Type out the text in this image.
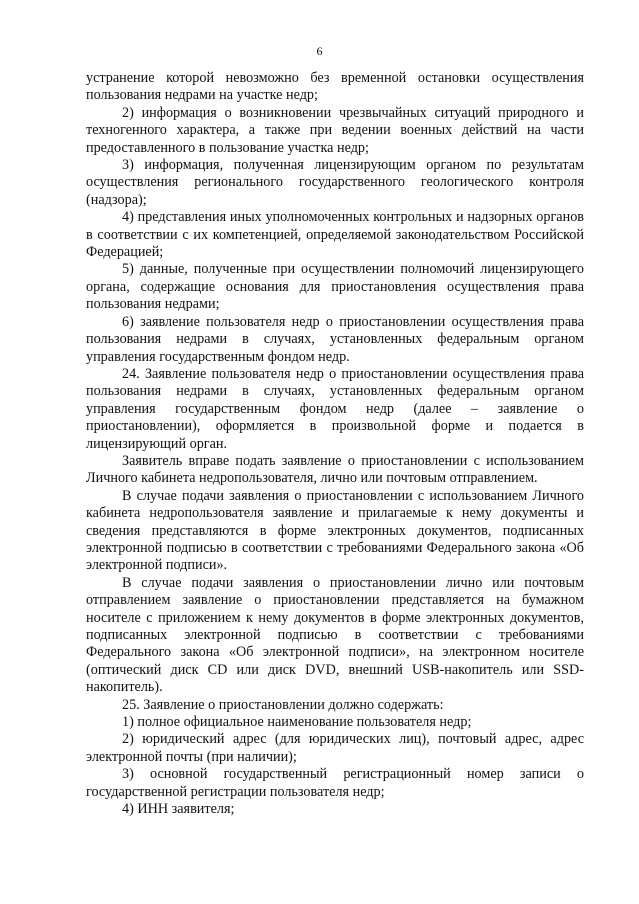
6

устранение которой невозможно без временной остановки осуществления пользования недрами на участке недр;

2) информация о возникновении чрезвычайных ситуаций природного и техногенного характера, а также при ведении военных действий на части предоставленного в пользование участка недр;

3) информация, полученная лицензирующим органом по результатам осуществления регионального государственного геологического контроля (надзора);

4) представления иных уполномоченных контрольных и надзорных органов в соответствии с их компетенцией, определяемой законодательством Российской Федерацией;

5) данные, полученные при осуществлении полномочий лицензирующего органа, содержащие основания для приостановления осуществления права пользования недрами;

6) заявление пользователя недр о приостановлении осуществления права пользования недрами в случаях, установленных федеральным органом управления государственным фондом недр.

24. Заявление пользователя недр о приостановлении осуществления права пользования недрами в случаях, установленных федеральным органом управления государственным фондом недр (далее – заявление о приостановлении), оформляется в произвольной форме и подается в лицензирующий орган.

Заявитель вправе подать заявление о приостановлении с использованием Личного кабинета недропользователя, лично или почтовым отправлением.

В случае подачи заявления о приостановлении с использованием Личного кабинета недропользователя заявление и прилагаемые к нему документы и сведения представляются в форме электронных документов, подписанных электронной подписью в соответствии с требованиями Федерального закона «Об электронной подписи».

В случае подачи заявления о приостановлении лично или почтовым отправлением заявление о приостановлении представляется на бумажном носителе с приложением к нему документов в форме электронных документов, подписанных электронной подписью в соответствии с требованиями Федерального закона «Об электронной подписи», на электронном носителе (оптический диск CD или диск DVD, внешний USB-накопитель или SSD-накопитель).

25. Заявление о приостановлении должно содержать:

1) полное официальное наименование пользователя недр;

2) юридический адрес (для юридических лиц), почтовый адрес, адрес электронной почты (при наличии);

3) основной государственный регистрационный номер записи о государственной регистрации пользователя недр;

4) ИНН заявителя;
